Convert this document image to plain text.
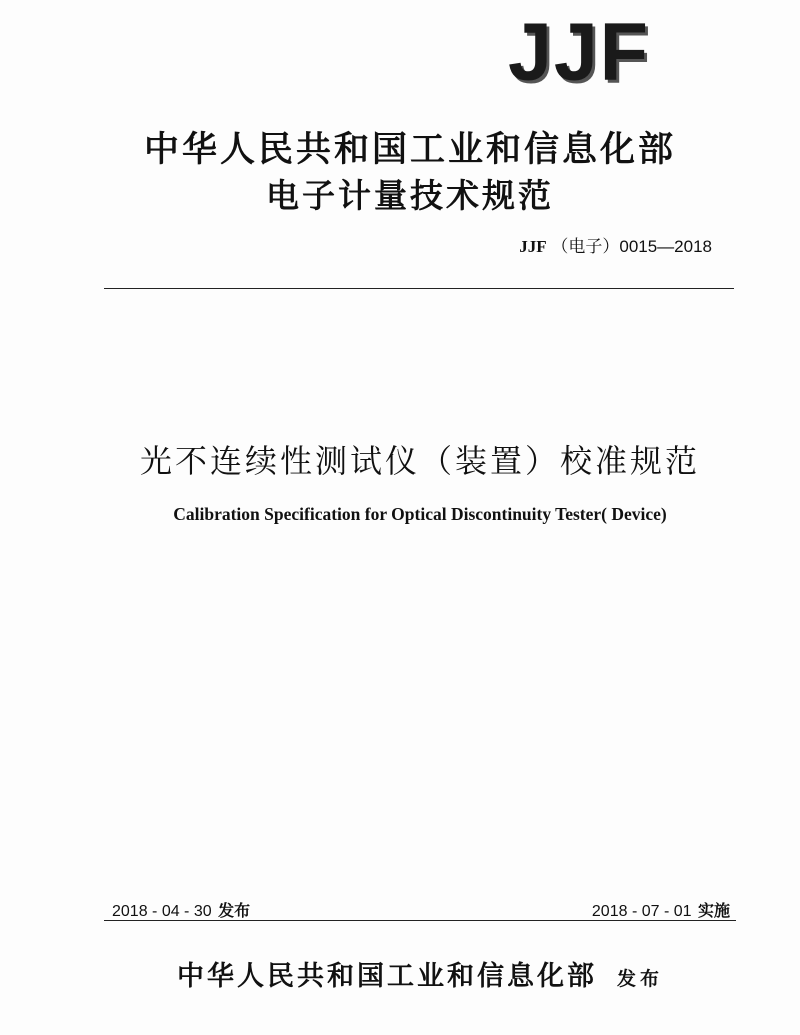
JJF
中华人民共和国工业和信息化部
电子计量技术规范
JJF （电子）0015—2018
光不连续性测试仪（装置）校准规范
Calibration Specification for Optical Discontinuity Tester( Device)
2018 - 04 - 30 发布	2018 - 07 - 01 实施
中华人民共和国工业和信息化部 发布
